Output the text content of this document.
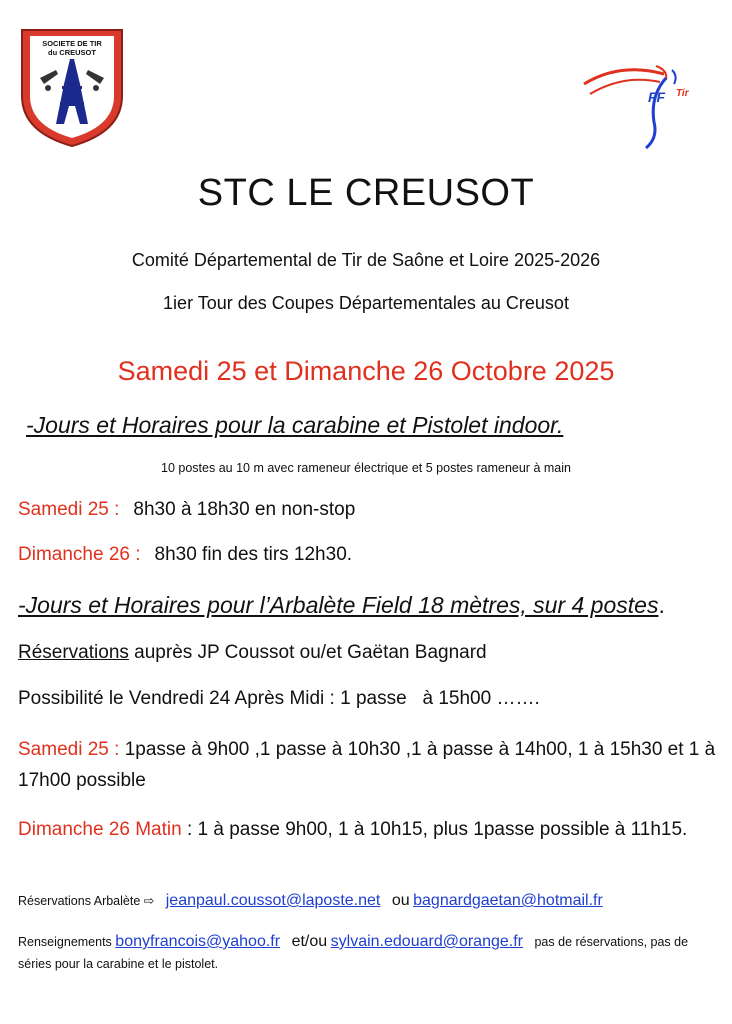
SOCIETE DE TIR
du CREUSOT
FF Tir
STC LE CREUSOT
Comité Départemental de Tir de Saône et Loire 2025-2026
1ier Tour des Coupes Départementales au Creusot
Samedi 25 et Dimanche 26 Octobre 2025
-Jours et Horaires pour la carabine et Pistolet indoor.
10 postes au 10 m avec rameneur électrique et 5 postes rameneur à main
Samedi 25 : 8h30 à 18h30 en non-stop
Dimanche 26 : 8h30 fin des tirs 12h30.
-Jours et Horaires pour l’Arbalète Field 18 mètres, sur 4 postes.
Réservations auprès JP Coussot ou/et Gaëtan Bagnard
Possibilité le Vendredi 24 Après Midi : 1 passe   à 15h00 …….
Samedi 25 : 1passe à 9h00 ,1 passe à 10h30 ,1 à passe à 14h00, 1 à 15h30 et 1 à 17h00 possible
Dimanche 26 Matin : 1 à passe 9h00, 1 à 10h15, plus 1passe possible à 11h15.
Réservations Arbalète ⇨ jeanpaul.coussot@laposte.net ou bagnardgaetan@hotmail.fr
Renseignements bonyfrancois@yahoo.fr et/ou sylvain.edouard@orange.fr pas de réservations, pas de séries pour la carabine et le pistolet.
